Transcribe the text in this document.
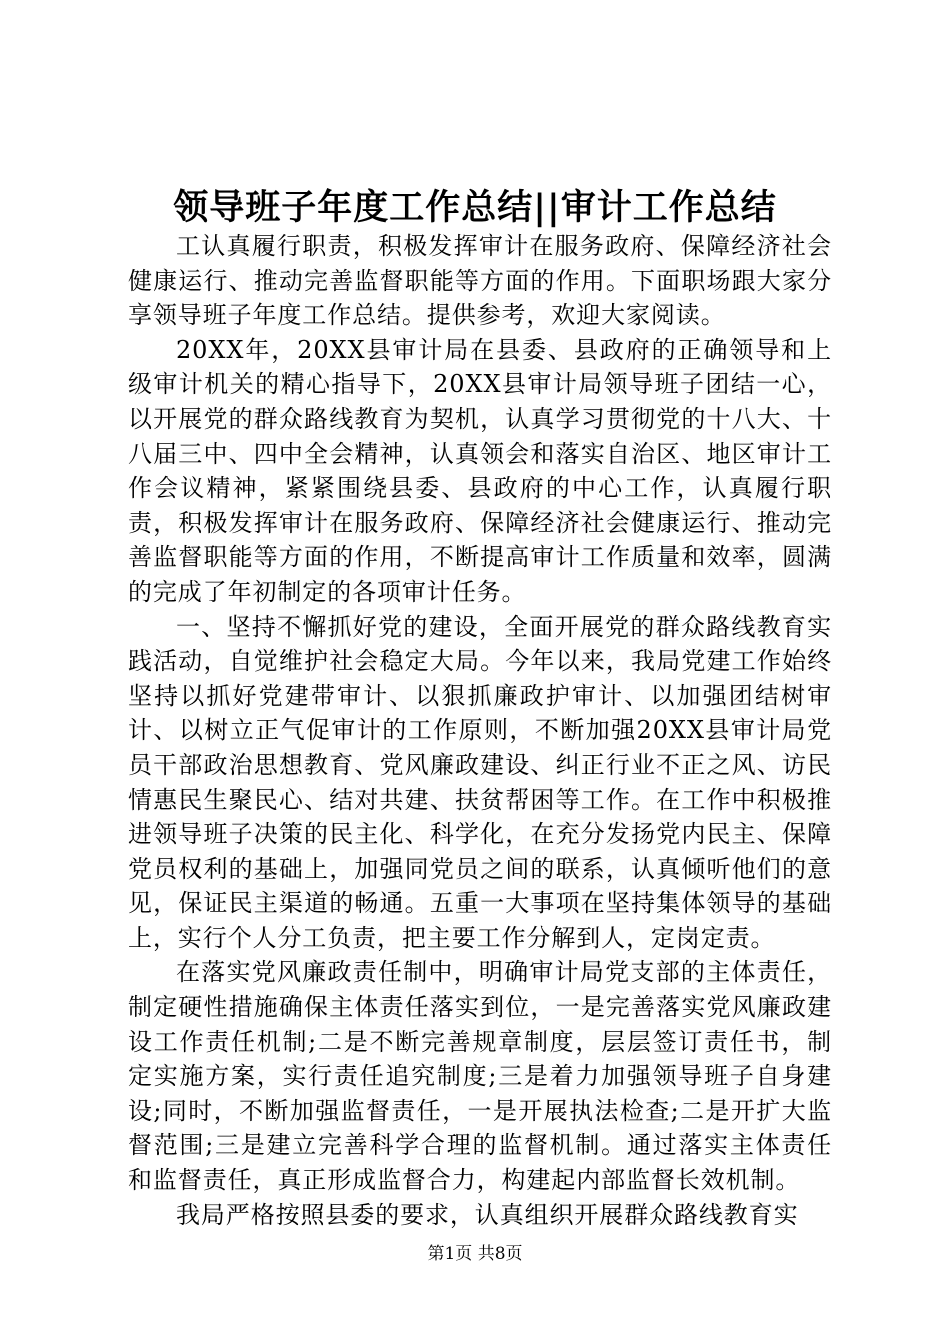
领导班子年度工作总结||审计工作总结

工认真履行职责，积极发挥审计在服务政府、保障经济社会健康运行、推动完善监督职能等方面的作用。下面职场跟大家分享领导班子年度工作总结。提供参考，欢迎大家阅读。

20XX年，20XX县审计局在县委、县政府的正确领导和上级审计机关的精心指导下，20XX县审计局领导班子团结一心，以开展党的群众路线教育为契机，认真学习贯彻党的十八大、十八届三中、四中全会精神，认真领会和落实自治区、地区审计工作会议精神，紧紧围绕县委、县政府的中心工作，认真履行职责，积极发挥审计在服务政府、保障经济社会健康运行、推动完善监督职能等方面的作用，不断提高审计工作质量和效率，圆满的完成了年初制定的各项审计任务。

一、坚持不懈抓好党的建设，全面开展党的群众路线教育实践活动，自觉维护社会稳定大局。今年以来，我局党建工作始终坚持以抓好党建带审计、以狠抓廉政护审计、以加强团结树审计、以树立正气促审计的工作原则，不断加强20XX县审计局党员干部政治思想教育、党风廉政建设、纠正行业不正之风、访民情惠民生聚民心、结对共建、扶贫帮困等工作。在工作中积极推进领导班子决策的民主化、科学化，在充分发扬党内民主、保障党员权利的基础上，加强同党员之间的联系，认真倾听他们的意见，保证民主渠道的畅通。五重一大事项在坚持集体领导的基础上，实行个人分工负责，把主要工作分解到人，定岗定责。

在落实党风廉政责任制中，明确审计局党支部的主体责任，制定硬性措施确保主体责任落实到位，一是完善落实党风廉政建设工作责任机制;二是不断完善规章制度，层层签订责任书，制定实施方案，实行责任追究制度;三是着力加强领导班子自身建设;同时，不断加强监督责任，一是开展执法检查;二是开扩大监督范围;三是建立完善科学合理的监督机制。通过落实主体责任和监督责任，真正形成监督合力，构建起内部监督长效机制。

我局严格按照县委的要求，认真组织开展群众路线教育实

第1页 共8页
